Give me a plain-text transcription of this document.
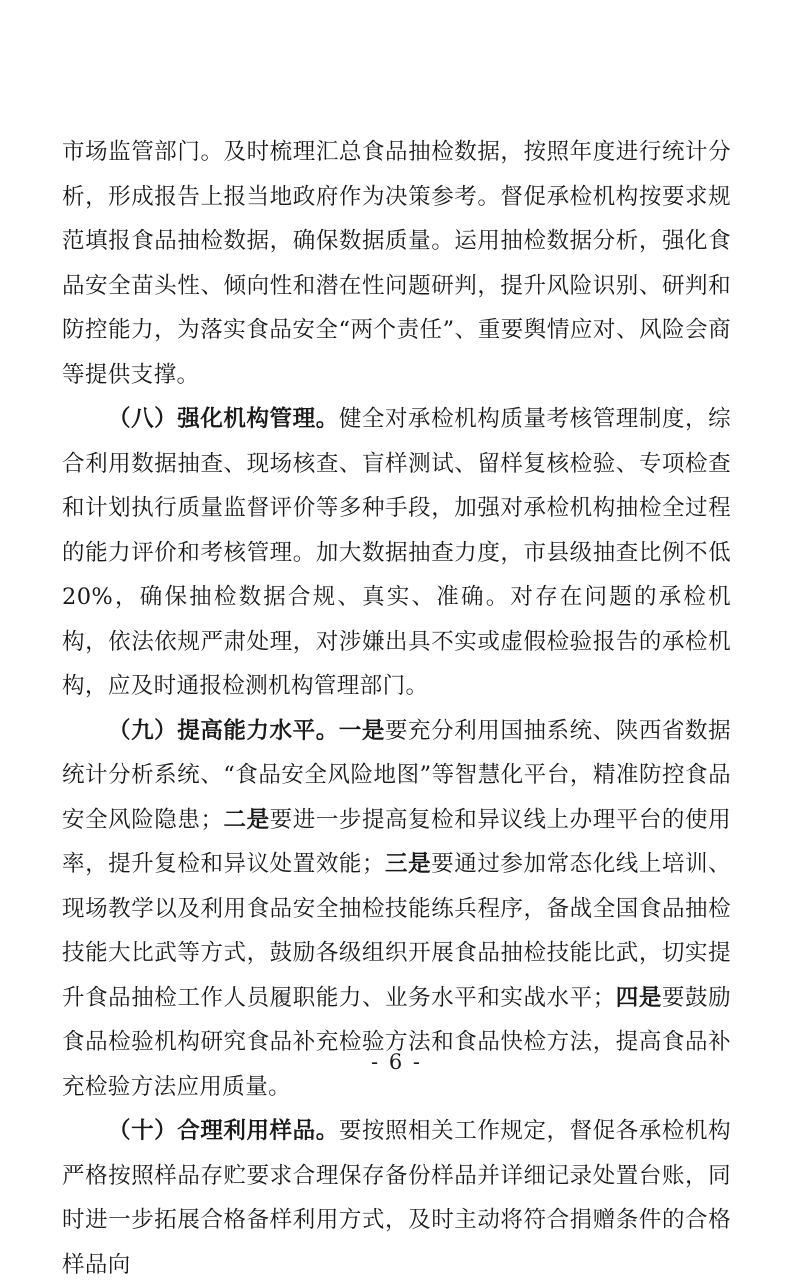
市场监管部门。及时梳理汇总食品抽检数据，按照年度进行统计分析，形成报告上报当地政府作为决策参考。督促承检机构按要求规范填报食品抽检数据，确保数据质量。运用抽检数据分析，强化食品安全苗头性、倾向性和潜在性问题研判，提升风险识别、研判和防控能力，为落实食品安全“两个责任”、重要舆情应对、风险会商等提供支撑。

（八）强化机构管理。健全对承检机构质量考核管理制度，综合利用数据抽查、现场核查、盲样测试、留样复核检验、专项检查和计划执行质量监督评价等多种手段，加强对承检机构抽检全过程的能力评价和考核管理。加大数据抽查力度，市县级抽查比例不低 20%，确保抽检数据合规、真实、准确。对存在问题的承检机构，依法依规严肃处理，对涉嫌出具不实或虚假检验报告的承检机构，应及时通报检测机构管理部门。

（九）提高能力水平。一是要充分利用国抽系统、陕西省数据统计分析系统、“食品安全风险地图”等智慧化平台，精准防控食品安全风险隐患；二是要进一步提高复检和异议线上办理平台的使用率，提升复检和异议处置效能；三是要通过参加常态化线上培训、现场教学以及利用食品安全抽检技能练兵程序，备战全国食品抽检技能大比武等方式，鼓励各级组织开展食品抽检技能比武，切实提升食品抽检工作人员履职能力、业务水平和实战水平；四是要鼓励食品检验机构研究食品补充检验方法和食品快检方法，提高食品补充检验方法应用质量。

（十）合理利用样品。要按照相关工作规定，督促各承检机构严格按照样品存贮要求合理保存备份样品并详细记录处置台账，同时进一步拓展合格备样利用方式，及时主动将符合捐赠条件的合格样品向

- 6 -
